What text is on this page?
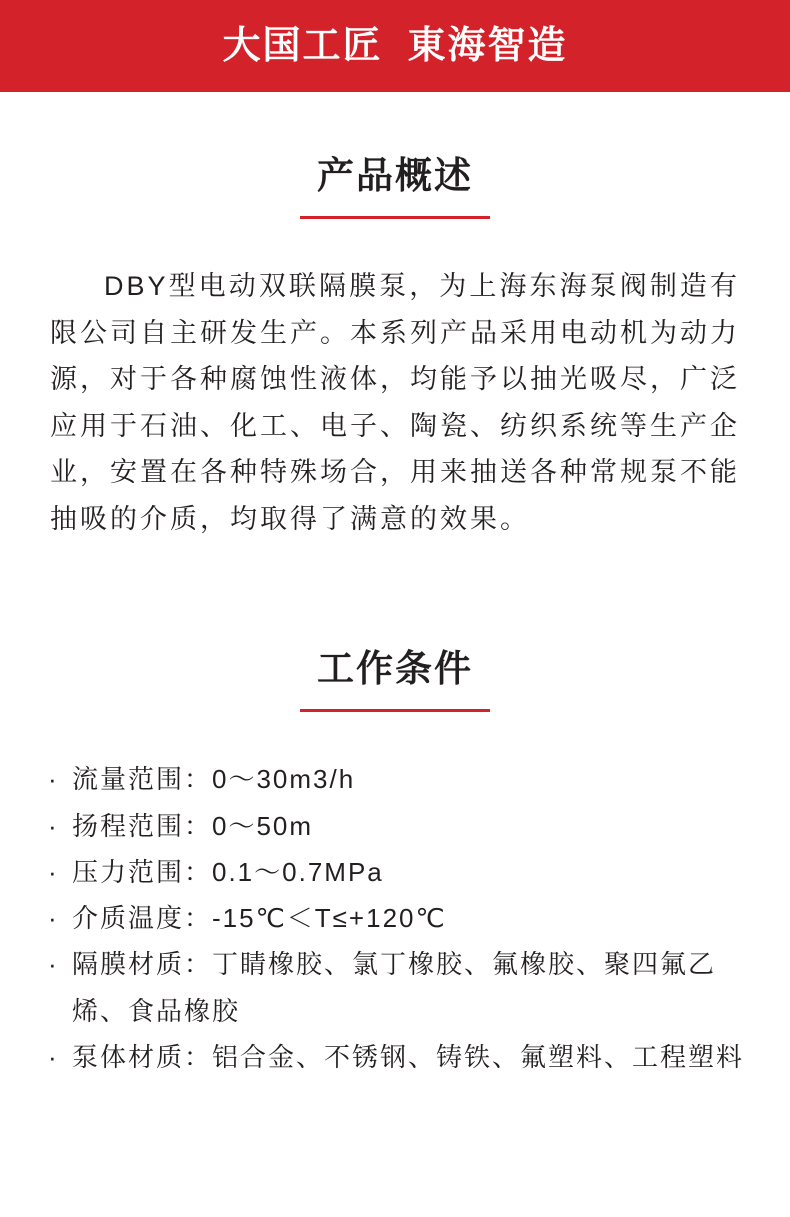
大国工匠  東海智造
产品概述

DBY型电动双联隔膜泵，为上海东海泵阀制造有限公司自主研发生产。本系列产品采用电动机为动力源，对于各种腐蚀性液体，均能予以抽光吸尽，广泛应用于石油、化工、电子、陶瓷、纺织系统等生产企业，安置在各种特殊场合，用来抽送各种常规泵不能抽吸的介质，均取得了满意的效果。

工作条件
· 流量范围：0～30m3/h
· 扬程范围：0～50m
· 压力范围：0.1～0.7MPa
· 介质温度：-15℃＜T≤+120℃
· 隔膜材质：丁睛橡胶、氯丁橡胶、氟橡胶、聚四氟乙烯、食品橡胶
· 泵体材质：铝合金、不锈钢、铸铁、氟塑料、工程塑料
